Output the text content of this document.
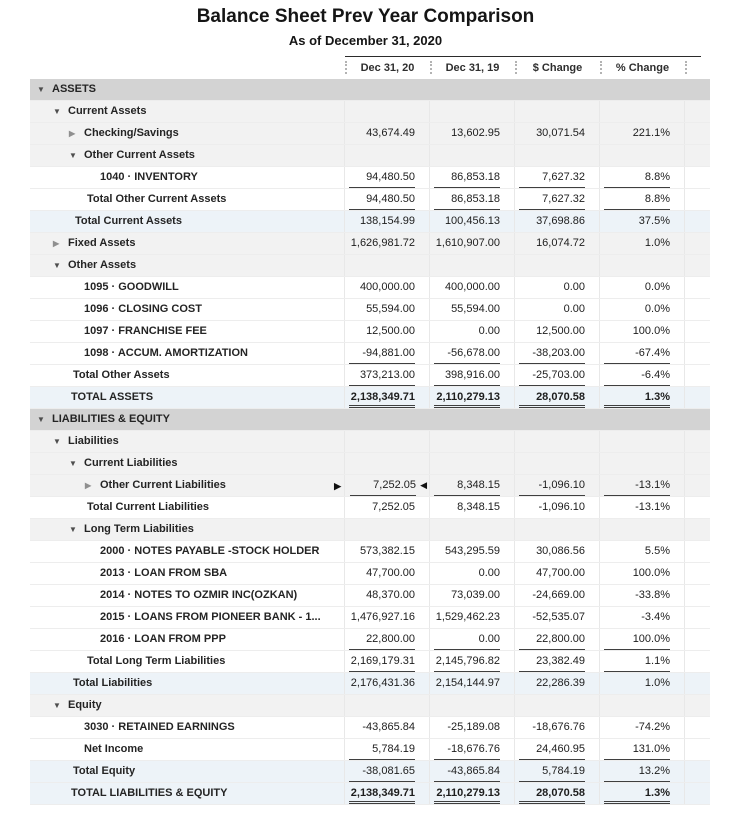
Balance Sheet Prev Year Comparison
As of December 31, 2020
Dec 31, 20	Dec 31, 19	$ Change	% Change
▼ ASSETS
▼ Current Assets
▶ Checking/Savings	43,674.49	13,602.95	30,071.54	221.1%
▼ Other Current Assets
1040 · INVENTORY	94,480.50	86,853.18	7,627.32	8.8%
Total Other Current Assets	94,480.50	86,853.18	7,627.32	8.8%
Total Current Assets	138,154.99	100,456.13	37,698.86	37.5%
▶ Fixed Assets	1,626,981.72	1,610,907.00	16,074.72	1.0%
▼ Other Assets
1095 · GOODWILL	400,000.00	400,000.00	0.00	0.0%
1096 · CLOSING COST	55,594.00	55,594.00	0.00	0.0%
1097 · FRANCHISE FEE	12,500.00	0.00	12,500.00	100.0%
1098 · ACCUM. AMORTIZATION	-94,881.00	-56,678.00	-38,203.00	-67.4%
Total Other Assets	373,213.00	398,916.00	-25,703.00	-6.4%
TOTAL ASSETS	2,138,349.71	2,110,279.13	28,070.58	1.3%
▼ LIABILITIES & EQUITY
▼ Liabilities
▼ Current Liabilities
▶ Other Current Liabilities	▶	7,252.05 ◀	8,348.15	-1,096.10	-13.1%
Total Current Liabilities	7,252.05	8,348.15	-1,096.10	-13.1%
▼ Long Term Liabilities
2000 · NOTES PAYABLE -STOCK HOLDER	573,382.15	543,295.59	30,086.56	5.5%
2013 · LOAN FROM SBA	47,700.00	0.00	47,700.00	100.0%
2014 · NOTES TO OZMIR INC(OZKAN)	48,370.00	73,039.00	-24,669.00	-33.8%
2015 · LOANS FROM PIONEER BANK - 1...	1,476,927.16	1,529,462.23	-52,535.07	-3.4%
2016 · LOAN FROM PPP	22,800.00	0.00	22,800.00	100.0%
Total Long Term Liabilities	2,169,179.31	2,145,796.82	23,382.49	1.1%
Total Liabilities	2,176,431.36	2,154,144.97	22,286.39	1.0%
▼ Equity
3030 · RETAINED EARNINGS	-43,865.84	-25,189.08	-18,676.76	-74.2%
Net Income	5,784.19	-18,676.76	24,460.95	131.0%
Total Equity	-38,081.65	-43,865.84	5,784.19	13.2%
TOTAL LIABILITIES & EQUITY	2,138,349.71	2,110,279.13	28,070.58	1.3%
